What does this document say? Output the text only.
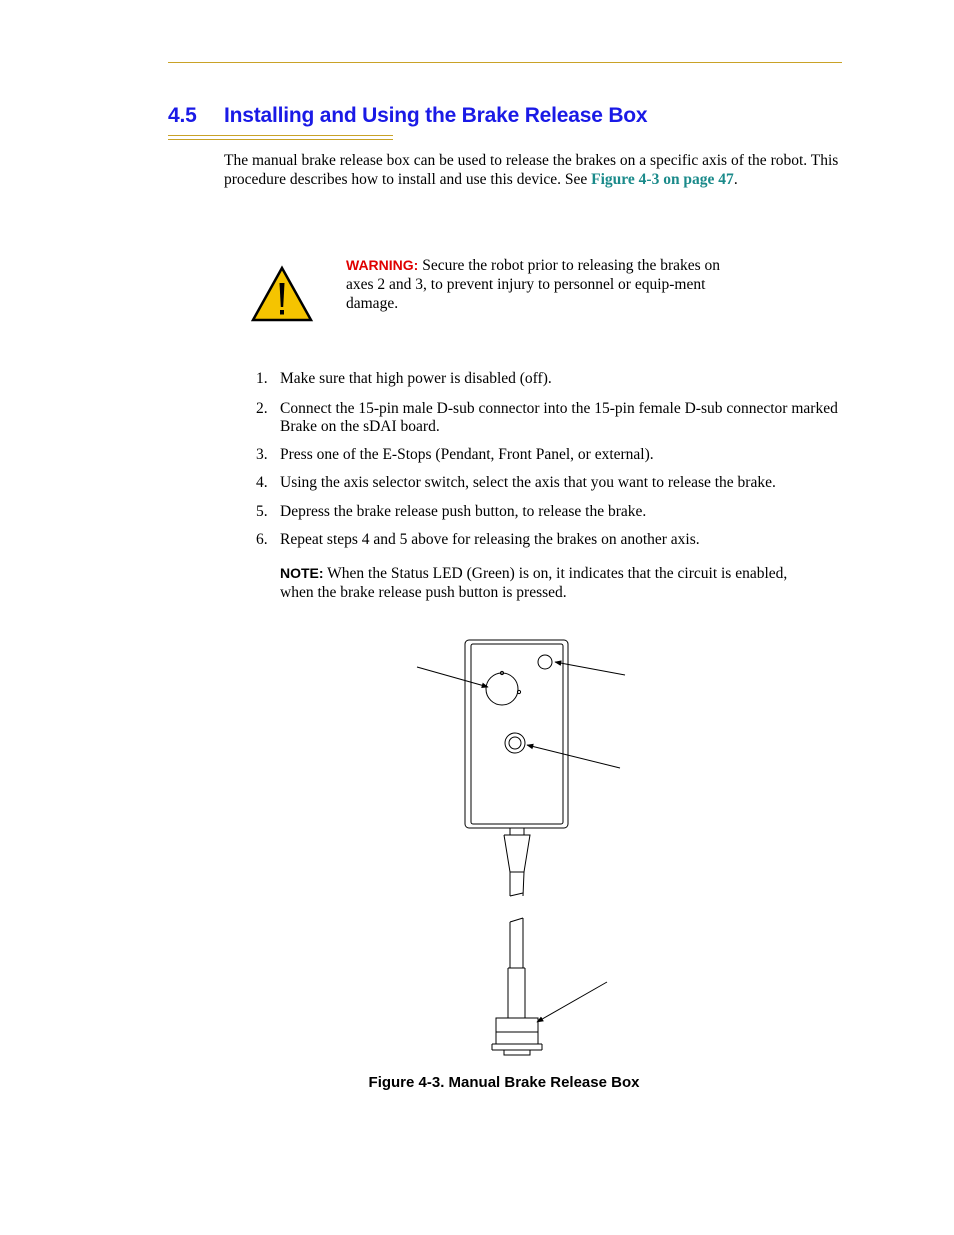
4.5 Installing and Using the Brake Release Box

The manual brake release box can be used to release the brakes on a specific axis of the robot. This procedure describes how to install and use this device. See Figure 4-3 on page 47.

WARNING: Secure the robot prior to releasing the brakes on axes 2 and 3, to prevent injury to personnel or equip-ment damage.

1. Make sure that high power is disabled (off).
2. Connect the 15-pin male D-sub connector into the 15-pin female D-sub connector marked Brake on the sDAI board.
3. Press one of the E-Stops (Pendant, Front Panel, or external).
4. Using the axis selector switch, select the axis that you want to release the brake.
5. Depress the brake release push button, to release the brake.
6. Repeat steps 4 and 5 above for releasing the brakes on another axis.

NOTE: When the Status LED (Green) is on, it indicates that the circuit is enabled, when the brake release push button is pressed.

Figure 4-3. Manual Brake Release Box
